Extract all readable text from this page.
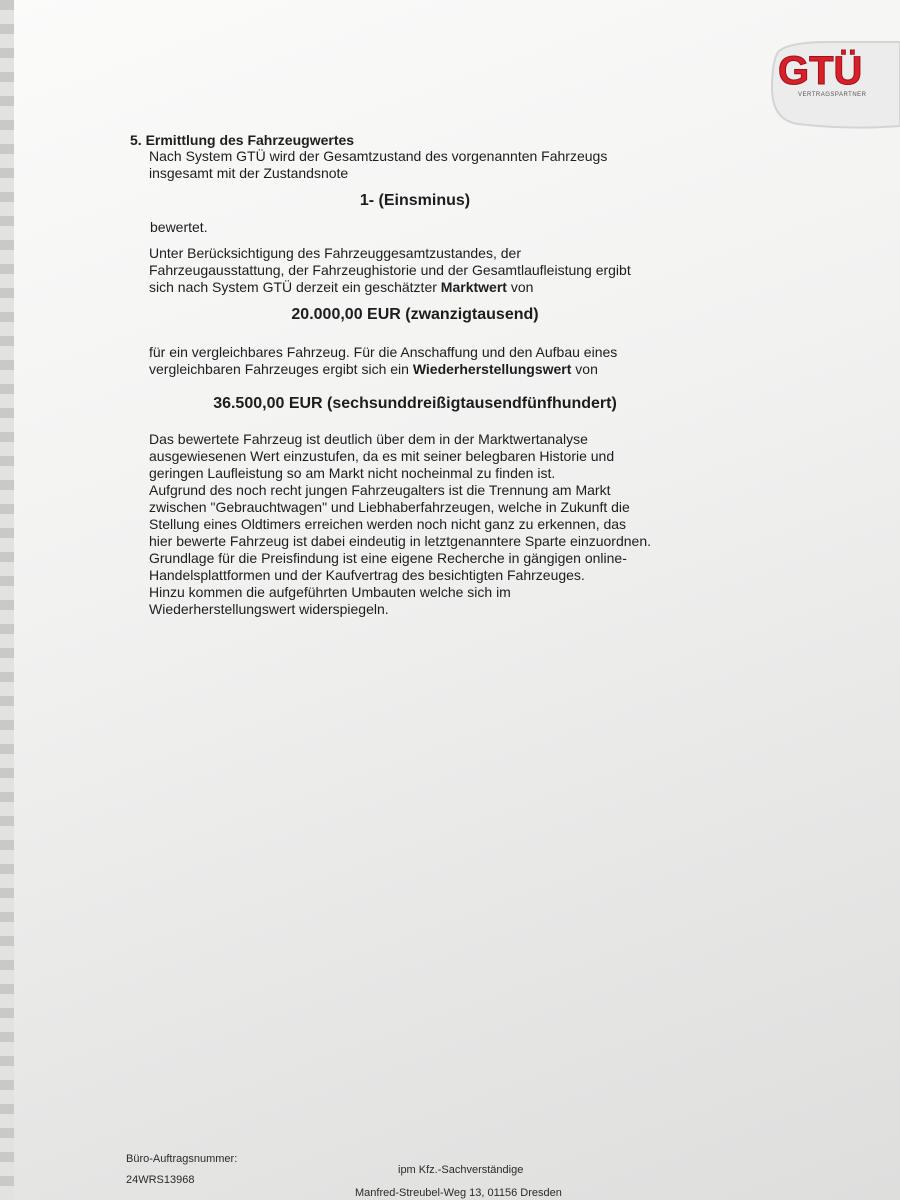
GTÜ
VERTRAGSPARTNER
5. Ermittlung des Fahrzeugwertes
Nach System GTÜ wird der Gesamtzustand des vorgenannten Fahrzeugs
insgesamt mit der Zustandsnote
1- (Einsminus)
bewertet.
Unter Berücksichtigung des Fahrzeuggesamtzustandes, der
Fahrzeugausstattung, der Fahrzeughistorie und der Gesamtlaufleistung ergibt
sich nach System GTÜ derzeit ein geschätzter Marktwert von
20.000,00 EUR (zwanzigtausend)
für ein vergleichbares Fahrzeug. Für die Anschaffung und den Aufbau eines
vergleichbaren Fahrzeuges ergibt sich ein Wiederherstellungswert von
36.500,00 EUR (sechsunddreißigtausendfünfhundert)
Das bewertete Fahrzeug ist deutlich über dem in der Marktwertanalyse
ausgewiesenen Wert einzustufen, da es mit seiner belegbaren Historie und
geringen Laufleistung so am Markt nicht nocheinmal zu finden ist.
Aufgrund des noch recht jungen Fahrzeugalters ist die Trennung am Markt
zwischen "Gebrauchtwagen" und Liebhaberfahrzeugen, welche in Zukunft die
Stellung eines Oldtimers erreichen werden noch nicht ganz zu erkennen, das
hier bewerte Fahrzeug ist dabei eindeutig in letztgenanntere Sparte einzuordnen.
Grundlage für die Preisfindung ist eine eigene Recherche in gängigen online-
Handelsplattformen und der Kaufvertrag des besichtigten Fahrzeuges.
Hinzu kommen die aufgeführten Umbauten welche sich im
Wiederherstellungswert widerspiegeln.
Büro-Auftragsnummer:
24WRS13968
ipm Kfz.-Sachverständige
Manfred-Streubel-Weg 13, 01156 Dresden
